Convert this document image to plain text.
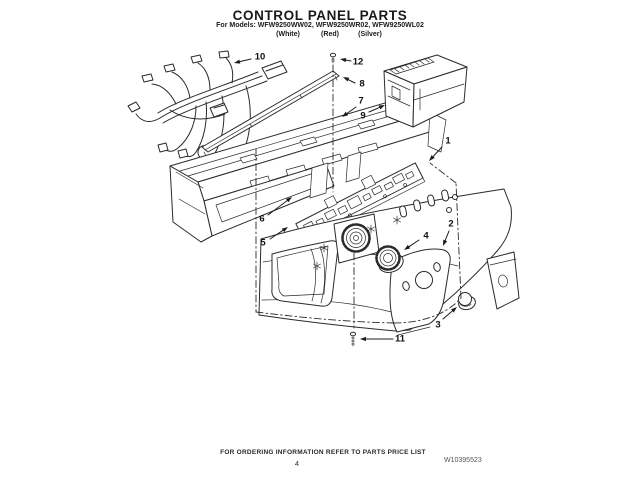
CONTROL PANEL PARTS
For Models: WFW9250WW02, WFW9250WR02, WFW9250WL02
(White)	(Red)	(Silver)
1
2
3
4
5
6
7
8
9
10
11
12
FOR ORDERING INFORMATION REFER TO PARTS PRICE LIST
4	W10395523
